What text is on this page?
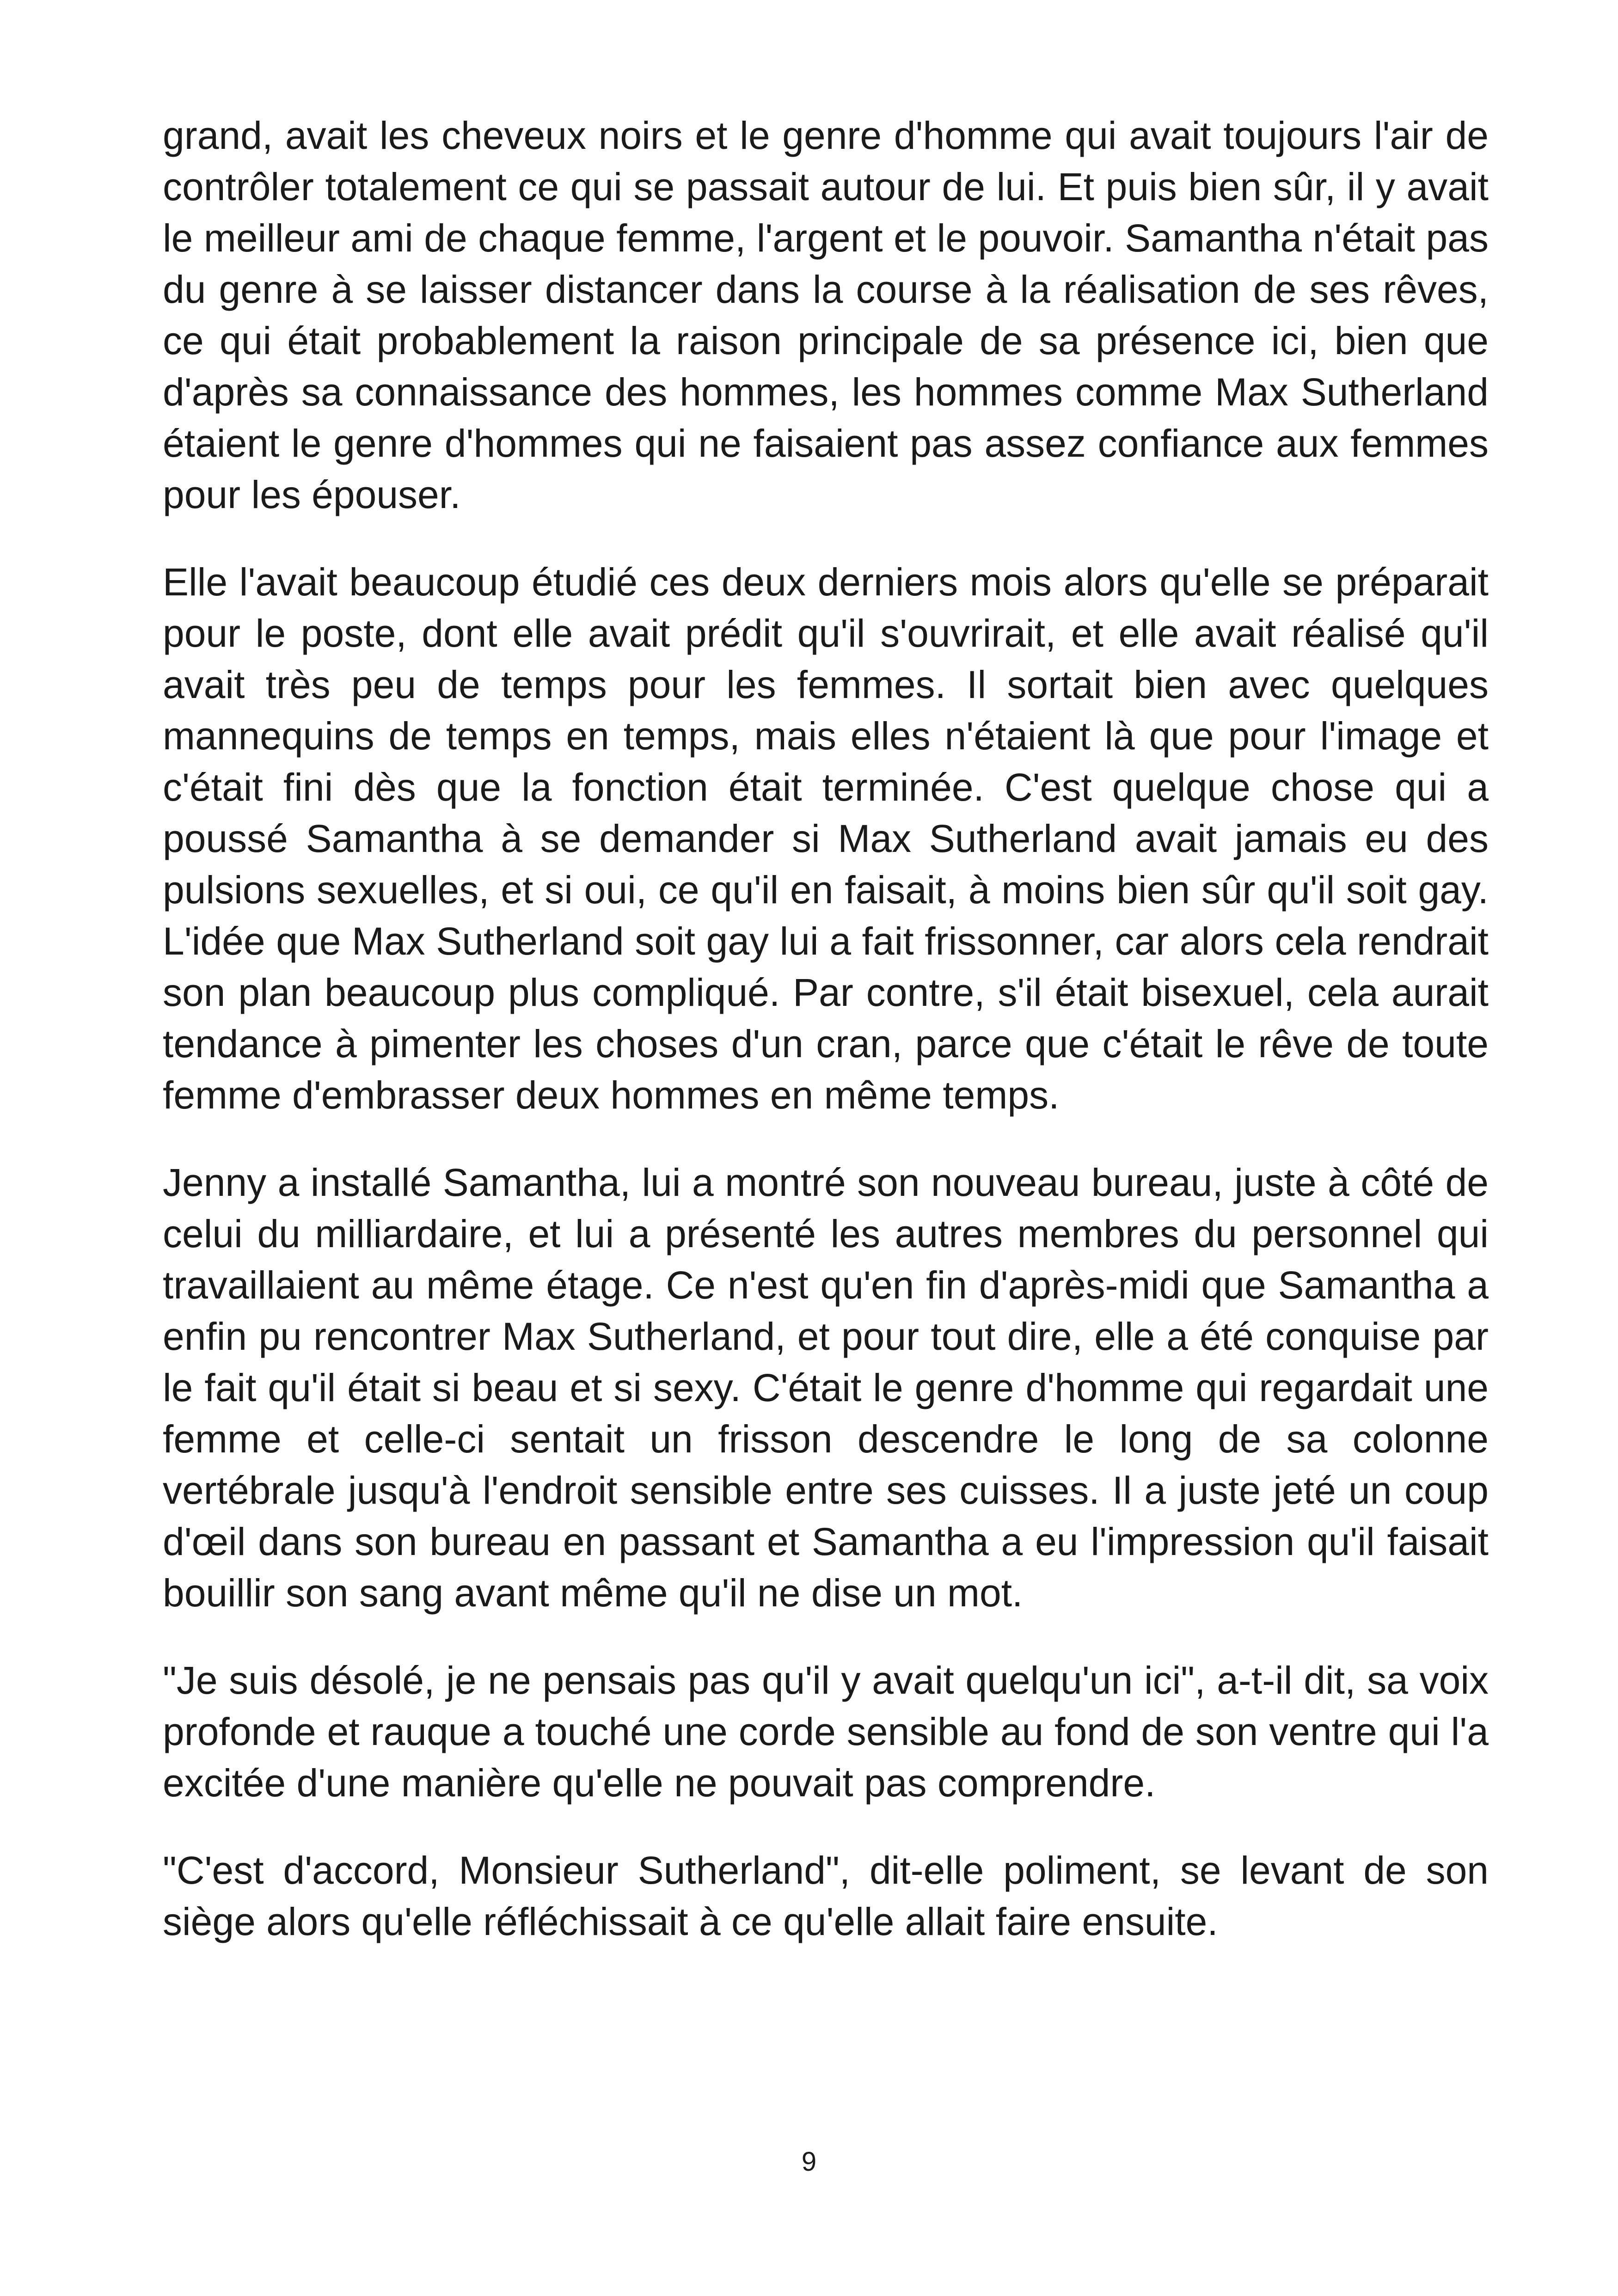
grand, avait les cheveux noirs et le genre d'homme qui avait toujours l'air de contrôler totalement ce qui se passait autour de lui. Et puis bien sûr, il y avait le meilleur ami de chaque femme, l'argent et le pouvoir. Samantha n'était pas du genre à se laisser distancer dans la course à la réalisation de ses rêves, ce qui était probablement la raison principale de sa présence ici, bien que d'après sa connaissance des hommes, les hommes comme Max Sutherland étaient le genre d'hommes qui ne faisaient pas assez confiance aux femmes pour les épouser.

Elle l'avait beaucoup étudié ces deux derniers mois alors qu'elle se préparait pour le poste, dont elle avait prédit qu'il s'ouvrirait, et elle avait réalisé qu'il avait très peu de temps pour les femmes. Il sortait bien avec quelques mannequins de temps en temps, mais elles n'étaient là que pour l'image et c'était fini dès que la fonction était terminée. C'est quelque chose qui a poussé Samantha à se demander si Max Sutherland avait jamais eu des pulsions sexuelles, et si oui, ce qu'il en faisait, à moins bien sûr qu'il soit gay. L'idée que Max Sutherland soit gay lui a fait frissonner, car alors cela rendrait son plan beaucoup plus compliqué. Par contre, s'il était bisexuel, cela aurait tendance à pimenter les choses d'un cran, parce que c'était le rêve de toute femme d'embrasser deux hommes en même temps.

Jenny a installé Samantha, lui a montré son nouveau bureau, juste à côté de celui du milliardaire, et lui a présenté les autres membres du personnel qui travaillaient au même étage. Ce n'est qu'en fin d'après-midi que Samantha a enfin pu rencontrer Max Sutherland, et pour tout dire, elle a été conquise par le fait qu'il était si beau et si sexy. C'était le genre d'homme qui regardait une femme et celle-ci sentait un frisson descendre le long de sa colonne vertébrale jusqu'à l'endroit sensible entre ses cuisses. Il a juste jeté un coup d'œil dans son bureau en passant et Samantha a eu l'impression qu'il faisait bouillir son sang avant même qu'il ne dise un mot.

"Je suis désolé, je ne pensais pas qu'il y avait quelqu'un ici", a-t-il dit, sa voix profonde et rauque a touché une corde sensible au fond de son ventre qui l'a excitée d'une manière qu'elle ne pouvait pas comprendre.

"C'est d'accord, Monsieur Sutherland", dit-elle poliment, se levant de son siège alors qu'elle réfléchissait à ce qu'elle allait faire ensuite.

9
